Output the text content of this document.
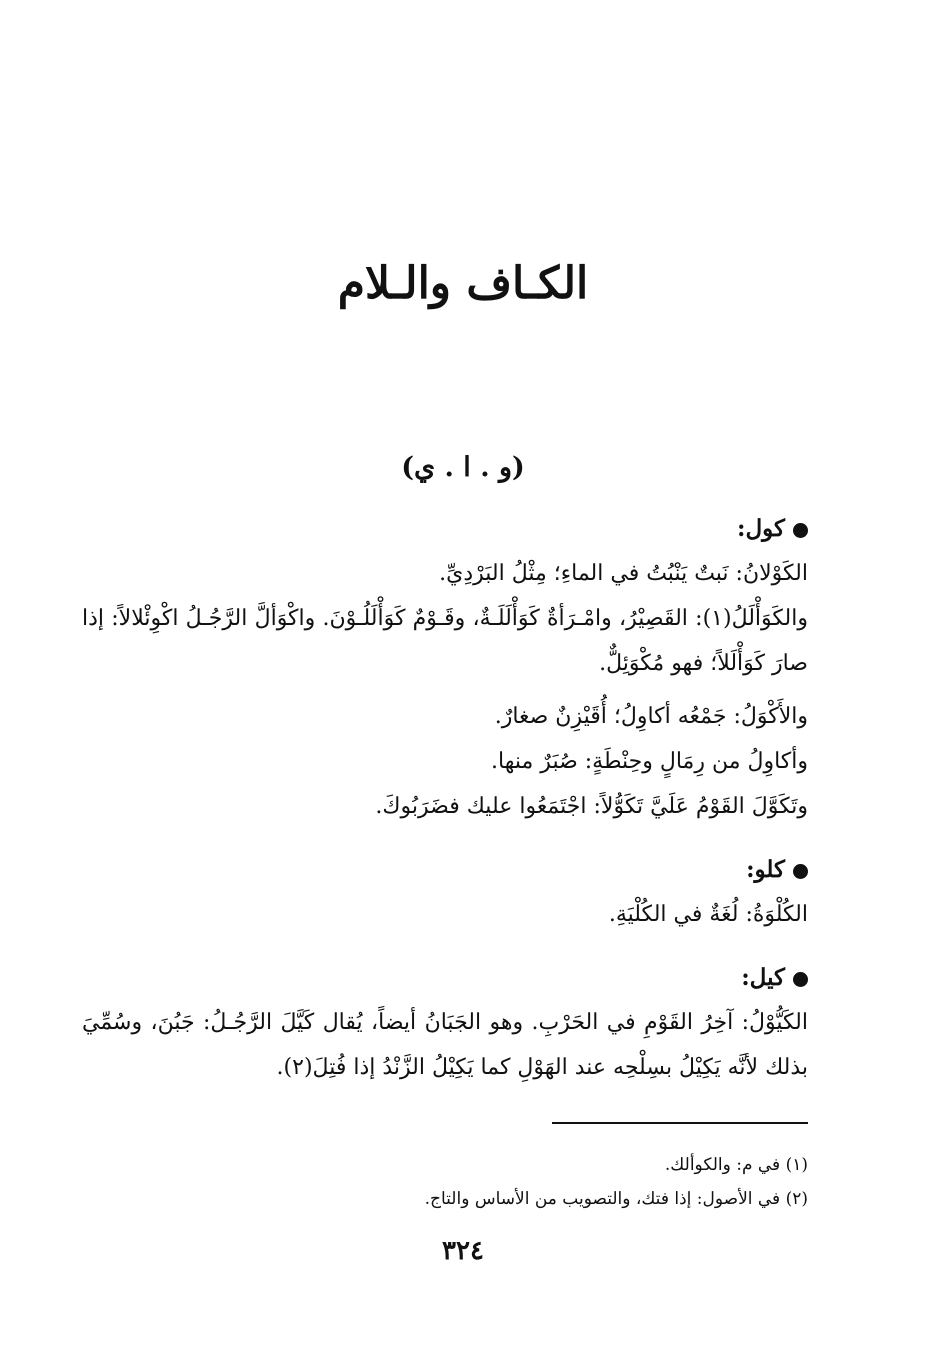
الكـاف والـلام
(و . ا . ي)

كول:

الكَوْلانُ: نَبتٌ يَنْبُتُ في الماءِ؛ مِثْلُ البَرْدِيِّ.

والكَوَأْلَلُ(١): القَصِيْرُ، وامْـرَأةٌ كَوَأْلَلَـةٌ، وقَـوْمٌ كَوَأْلَلُـوْنَ. واكْوَألَّ الرَّجُـلُ اكْوِئْلالاً: إذا صارَ كَوَأْلَلاً؛ فهو مُكْوَئِلٌّ.

والأَكْوَلُ: جَمْعُه أكاوِلُ؛ أُقَيْزِنٌ صغارٌ.

وأكاوِلُ من رِمَالٍ وحِنْطَةٍ: صُبَرٌ منها.

وتَكَوَّلَ القَوْمُ عَلَيَّ تَكَوُّلاً: اجْتَمَعُوا عليك فضَرَبُوكَ.

كلو:

الكُلْوَةُ: لُغَةٌ في الكُلْيَةِ.

كيل:

الكَيُّوْلُ: آخِرُ القَوْمِ في الحَرْبِ. وهو الجَبَانُ أيضاً، يُقال كَيَّلَ الرَّجُـلُ: جَبُنَ، وسُمِّيَ بذلك لأنَّه يَكِيْلُ بسِلْحِه عند الهَوْلِ كما يَكِيْلُ الزَّنْدُ إذا فُتِلَ(٢).

(١) في م: والكوألك.

(٢) في الأصول: إذا فتك، والتصويب من الأساس والتاج.

٣٢٤
